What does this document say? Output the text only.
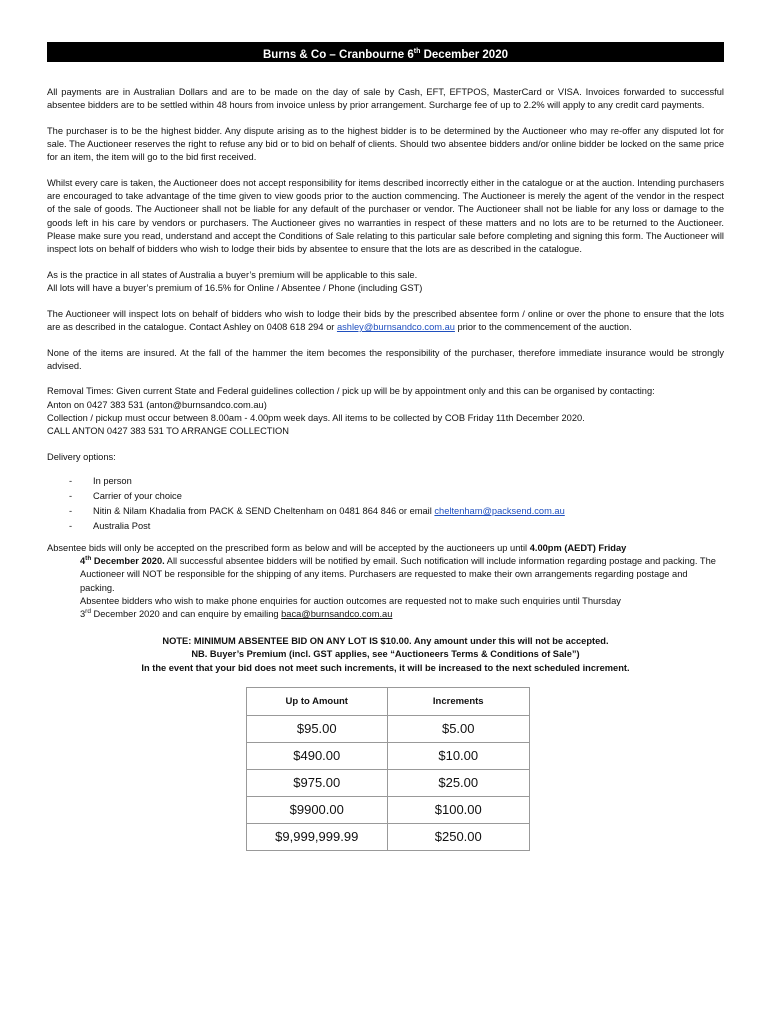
Burns & Co – Cranbourne 6th December 2020

All payments are in Australian Dollars and are to be made on the day of sale by Cash, EFT, EFTPOS, MasterCard or VISA. Invoices forwarded to successful absentee bidders are to be settled within 48 hours from invoice unless by prior arrangement. Surcharge fee of up to 2.2% will apply to any credit card payments.

The purchaser is to be the highest bidder. Any dispute arising as to the highest bidder is to be determined by the Auctioneer who may re-offer any disputed lot for sale. The Auctioneer reserves the right to refuse any bid or to bid on behalf of clients. Should two absentee bidders and/or online bidder be locked on the same price for an item, the item will go to the bid first received.

Whilst every care is taken, the Auctioneer does not accept responsibility for items described incorrectly either in the catalogue or at the auction. Intending purchasers are encouraged to take advantage of the time given to view goods prior to the auction commencing. The Auctioneer is merely the agent of the vendor in the respect of the sale of goods. The Auctioneer shall not be liable for any default of the purchaser or vendor. The Auctioneer shall not be liable for any loss or damage to the goods left in his care by vendors or purchasers. The Auctioneer gives no warranties in respect of these matters and no lots are to be returned to the Auctioneer. Please make sure you read, understand and accept the Conditions of Sale relating to this particular sale before completing and signing this form. The Auctioneer will inspect lots on behalf of bidders who wish to lodge their bids by absentee to ensure that the lots are as described in the catalogue.

As is the practice in all states of Australia a buyer’s premium will be applicable to this sale.

All lots will have a buyer’s premium of 16.5% for Online / Absentee / Phone (including GST)

The Auctioneer will inspect lots on behalf of bidders who wish to lodge their bids by the prescribed absentee form / online or over the phone to ensure that the lots are as described in the catalogue. Contact Ashley on 0408 618 294 or ashley@burnsandco.com.au prior to the commencement of the auction.

None of the items are insured. At the fall of the hammer the item becomes the responsibility of the purchaser, therefore immediate insurance would be strongly advised.

Removal Times: Given current State and Federal guidelines collection / pick up will be by appointment only and this can be organised by contacting:

Anton on 0427 383 531 (anton@burnsandco.com.au)

Collection / pickup must occur between 8.00am - 4.00pm week days. All items to be collected by COB Friday 11th December 2020.

CALL ANTON 0427 383 531 TO ARRANGE COLLECTION

Delivery options:

-	In person
-	Carrier of your choice
-	Nitin & Nilam Khadalia from PACK & SEND Cheltenham on 0481 864 846 or email cheltenham@packsend.com.au
-	Australia Post

Absentee bids will only be accepted on the prescribed form as below and will be accepted by the auctioneers up until 4.00pm (AEDT) Friday

4th December 2020. All successful absentee bidders will be notified by email. Such notification will include information regarding postage and packing. The Auctioneer will NOT be responsible for the shipping of any items. Purchasers are requested to make their own arrangements regarding postage and packing.

Absentee bidders who wish to make phone enquiries for auction outcomes are requested not to make such enquiries until Thursday
3rd December 2020 and can enquire by emailing baca@burnsandco.com.au

NOTE: MINIMUM ABSENTEE BID ON ANY LOT IS $10.00. Any amount under this will not be accepted.
NB. Buyer’s Premium (incl. GST applies, see “Auctioneers Terms & Conditions of Sale”)
In the event that your bid does not meet such increments, it will be increased to the next scheduled increment.
Up to Amount	Increments
$95.00	$5.00
$490.00	$10.00
$975.00	$25.00
$9900.00	$100.00
$9,999,999.99	$250.00
